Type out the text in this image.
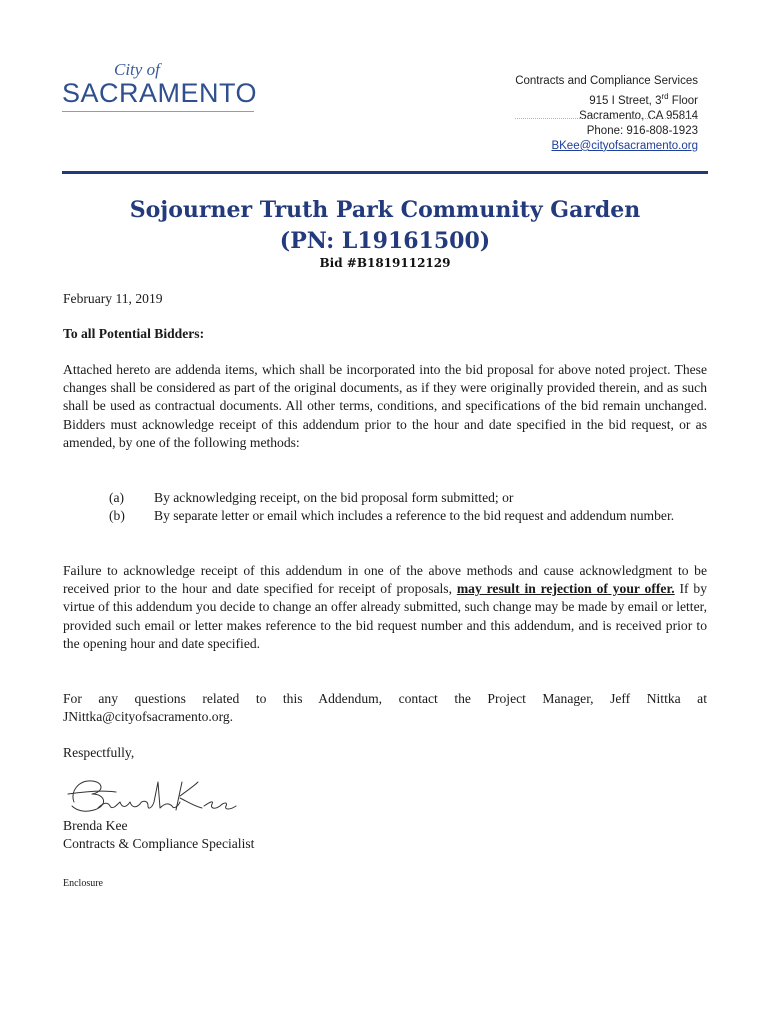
City of
SACRAMENTO	Contracts and Compliance Services
915 I Street, 3rd Floor
Sacramento, CA 95814
Phone: 916-808-1923
BKee@cityofsacramento.org
Sojourner Truth Park Community Garden
(PN: L19161500)
Bid #B1819112129
February 11, 2019
To all Potential Bidders:
Attached hereto are addenda items, which shall be incorporated into the bid proposal for above noted project. These changes shall be considered as part of the original documents, as if they were originally provided therein, and as such shall be used as contractual documents. All other terms, conditions, and specifications of the bid remain unchanged. Bidders must acknowledge receipt of this addendum prior to the hour and date specified in the bid request, or as amended, by one of the following methods:
(a)	By acknowledging receipt, on the bid proposal form submitted; or
(b)	By separate letter or email which includes a reference to the bid request and addendum number.
Failure to acknowledge receipt of this addendum in one of the above methods and cause acknowledgment to be received prior to the hour and date specified for receipt of proposals, may result in rejection of your offer. If by virtue of this addendum you decide to change an offer already submitted, such change may be made by email or letter, provided such email or letter makes reference to the bid request number and this addendum, and is received prior to the opening hour and date specified.
For any questions related to this Addendum, contact the Project Manager, Jeff Nittka at JNittka@cityofsacramento.org.
Respectfully,
Brenda Kee
Contracts & Compliance Specialist
Enclosure
